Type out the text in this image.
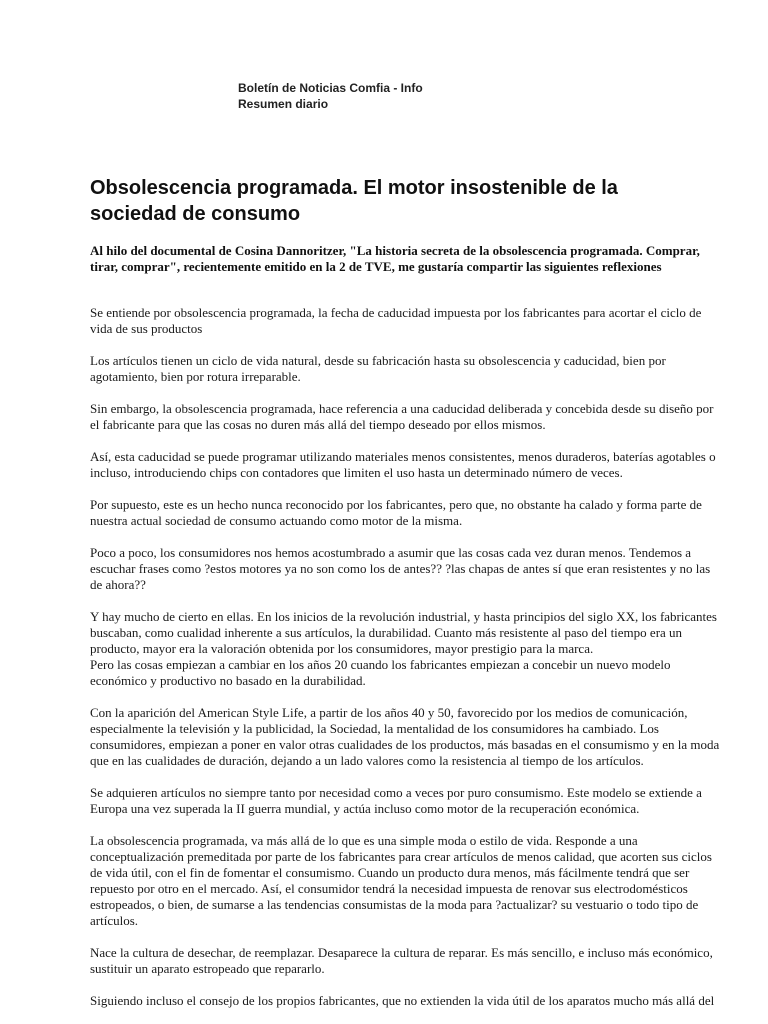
Boletín de Noticias Comfia - Info
Resumen diario
Obsolescencia programada. El motor insostenible de la sociedad de consumo

Al hilo del documental de Cosina Dannoritzer, "La historia secreta de la obsolescencia programada. Comprar, tirar, comprar", recientemente emitido en la 2 de TVE, me gustaría compartir las siguientes reflexiones

Se entiende por obsolescencia programada, la fecha de caducidad impuesta por los fabricantes para acortar el ciclo de vida de sus productos

Los artículos tienen un ciclo de vida natural, desde su fabricación hasta su obsolescencia y caducidad, bien por agotamiento, bien por rotura irreparable.

Sin embargo, la obsolescencia programada, hace referencia a una caducidad deliberada y concebida desde su diseño por el fabricante para que las cosas no duren más allá del tiempo deseado por ellos mismos.

Así, esta caducidad se puede programar utilizando materiales menos consistentes, menos duraderos, baterías agotables o incluso, introduciendo chips con contadores que limiten el uso hasta un determinado número de veces.

Por supuesto, este es un hecho nunca reconocido por los fabricantes, pero que, no obstante ha calado y forma parte de nuestra actual sociedad de consumo actuando como motor de la misma.

Poco a poco, los consumidores nos hemos acostumbrado a asumir que las cosas cada vez duran menos. Tendemos a escuchar frases como ?estos motores ya no son como los de antes?? ?las chapas de antes sí que eran resistentes y no las de ahora??

Y hay mucho de cierto en ellas. En los inicios de la revolución industrial, y hasta principios del siglo XX, los fabricantes buscaban, como cualidad inherente a sus artículos, la durabilidad. Cuanto más resistente al paso del tiempo era un producto, mayor era la valoración obtenida por los consumidores, mayor prestigio para la marca.

Pero las cosas empiezan a cambiar en los años 20 cuando los fabricantes empiezan a concebir un nuevo modelo económico y productivo no basado en la durabilidad.

Con la aparición del American Style Life, a partir de los años 40 y 50, favorecido por los medios de comunicación, especialmente la televisión y la publicidad, la Sociedad, la mentalidad de los consumidores ha cambiado. Los consumidores, empiezan a poner en valor otras cualidades de los productos, más basadas en el consumismo y en la moda que en las cualidades de duración, dejando a un lado valores como la resistencia al tiempo de los artículos.

Se adquieren artículos no siempre tanto por necesidad como a veces por puro consumismo. Este modelo se extiende a Europa una vez superada la II guerra mundial, y actúa incluso como motor de la recuperación económica.

La obsolescencia programada, va más allá de lo que es una simple moda o estilo de vida. Responde a una conceptualización premeditada por parte de los fabricantes para crear artículos de menos calidad, que acorten sus ciclos de vida útil, con el fin de fomentar el consumismo. Cuando un producto dura menos, más fácilmente tendrá que ser repuesto por otro en el mercado. Así, el consumidor tendrá la necesidad impuesta de renovar sus electrodomésticos estropeados, o bien, de sumarse a las tendencias consumistas de la moda para ?actualizar? su vestuario o todo tipo de artículos.

Nace la cultura de desechar, de reemplazar. Desaparece la cultura de reparar. Es más sencillo, e incluso más económico, sustituir un aparato estropeado que repararlo.

Siguiendo incluso el consejo de los propios fabricantes, que no extienden la vida útil de los aparatos mucho más allá del
